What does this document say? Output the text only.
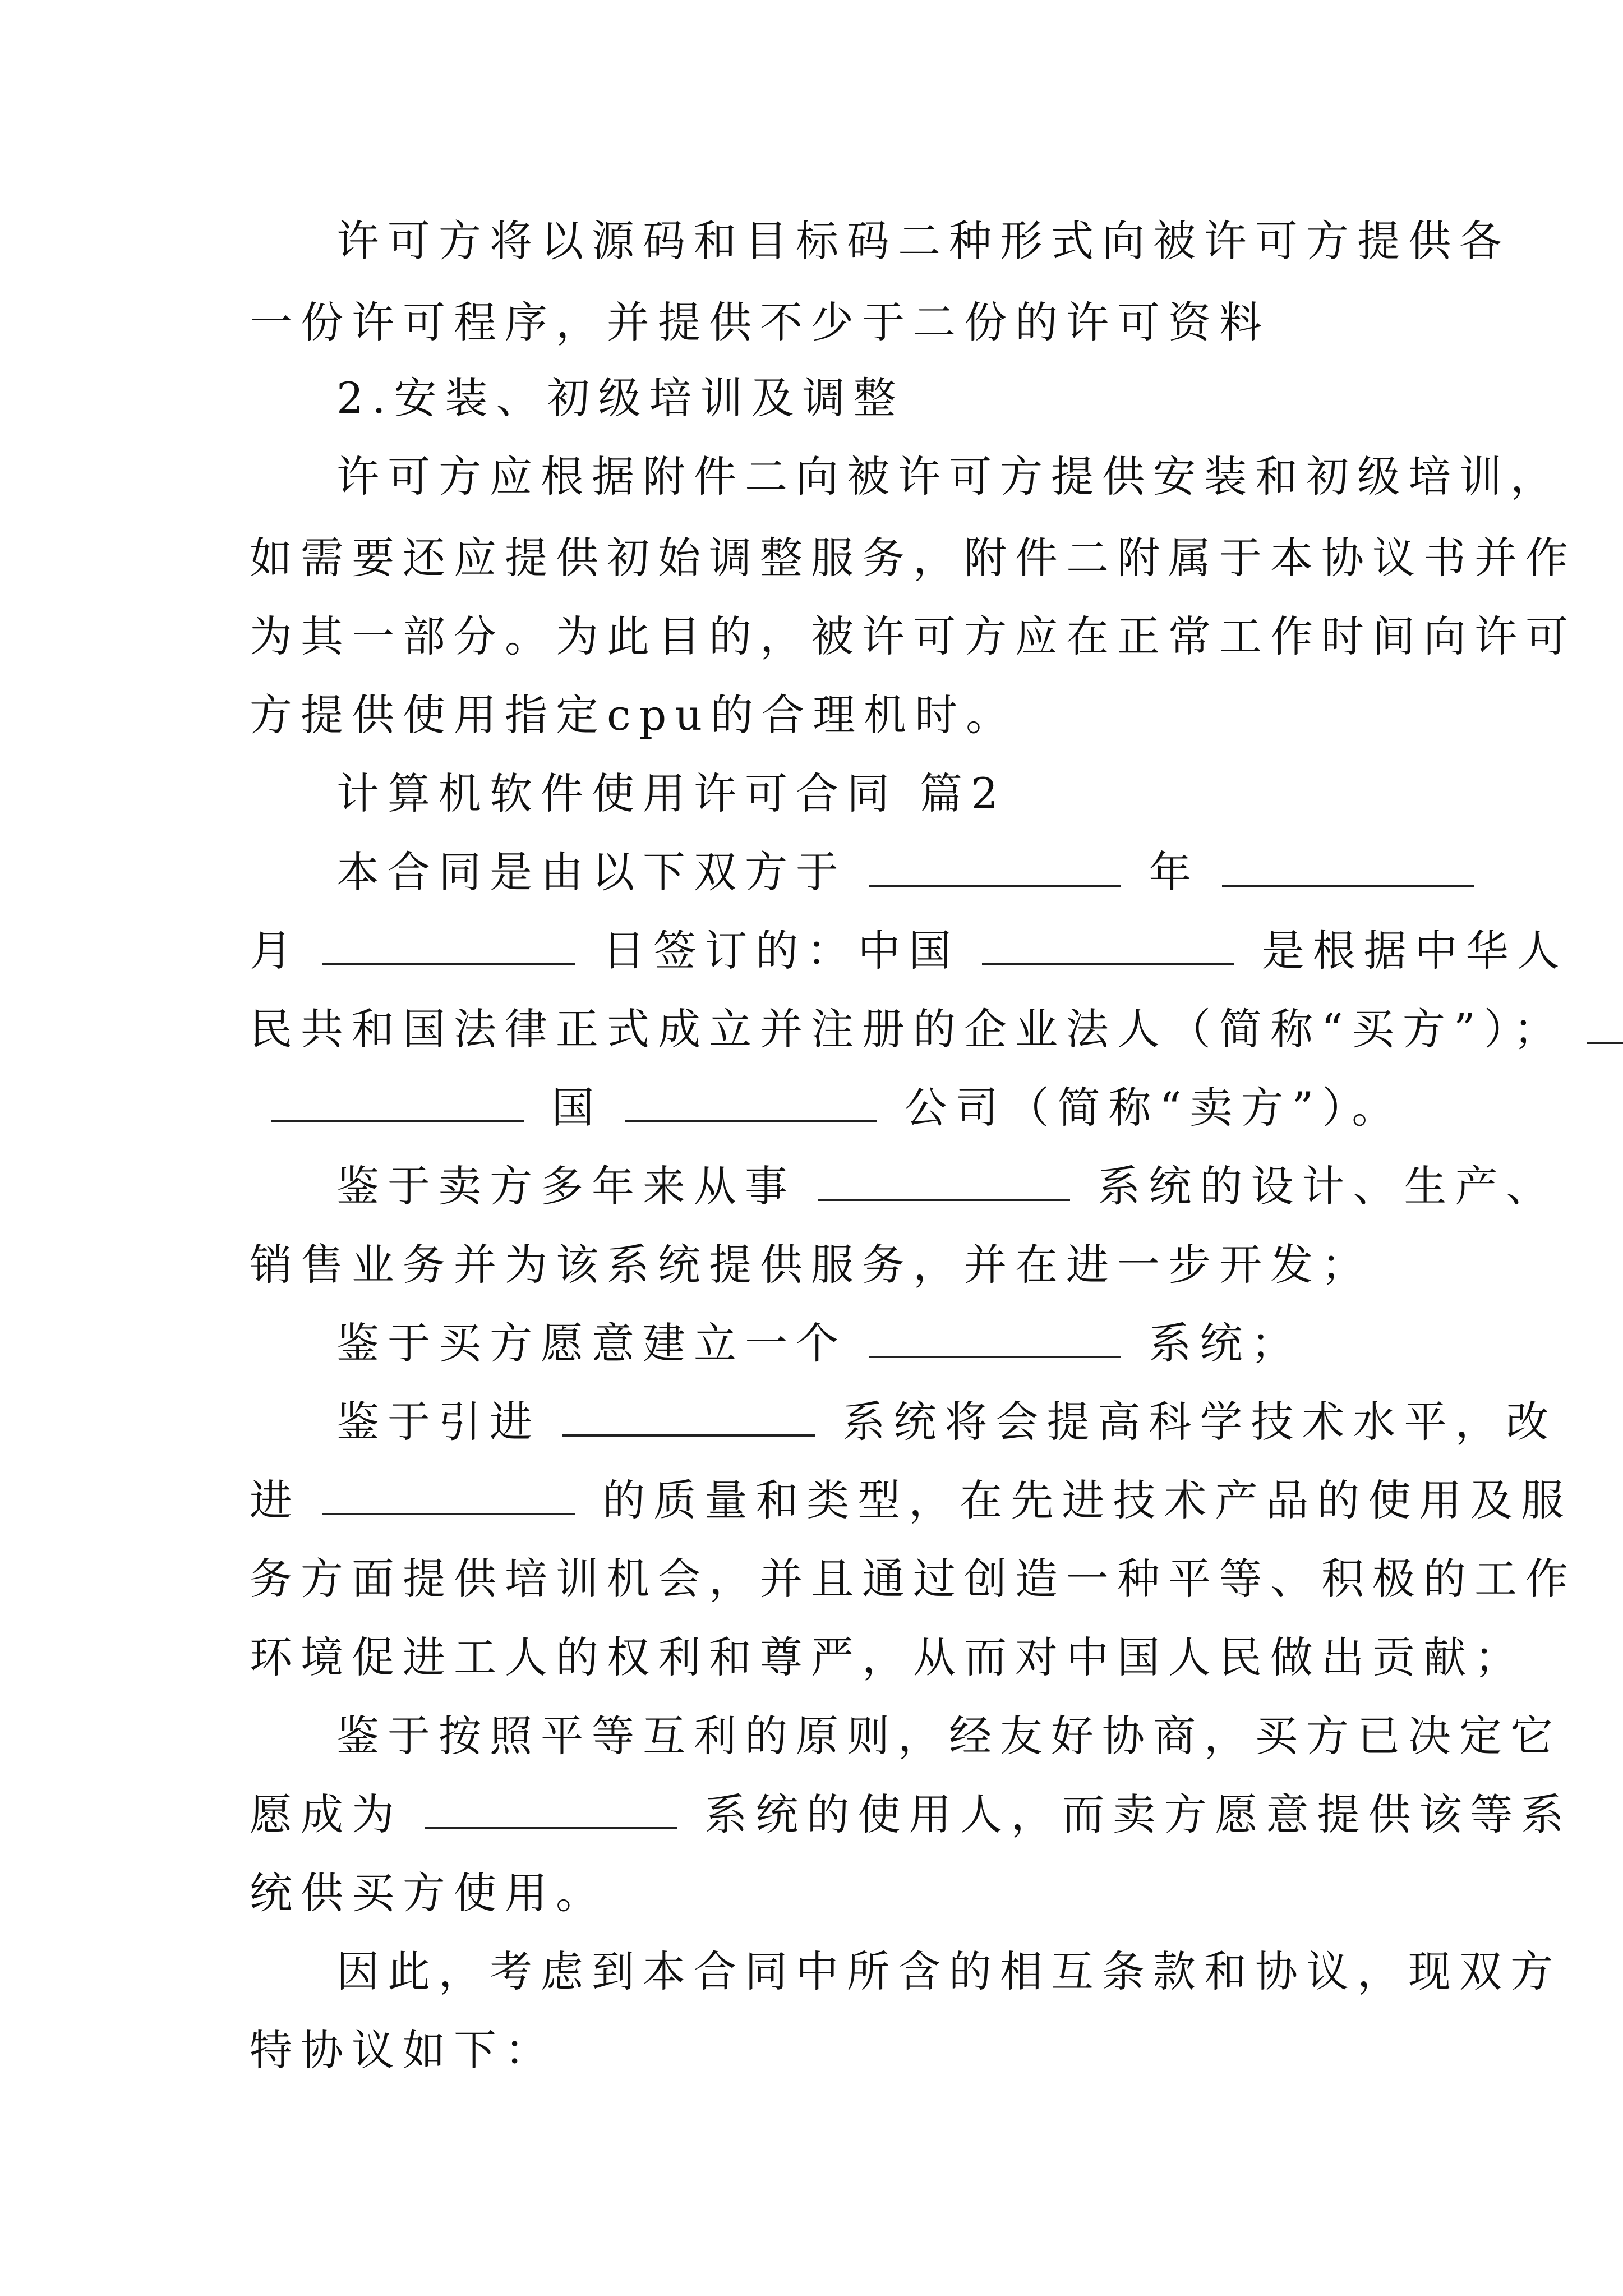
许可方将以源码和目标码二种形式向被许可方提供各
一份许可程序，并提供不少于二份的许可资料
2.安装、初级培训及调整
许可方应根据附件二向被许可方提供安装和初级培训，
如需要还应提供初始调整服务，附件二附属于本协议书并作
为其一部分。为此目的，被许可方应在正常工作时间向许可
方提供使用指定cpu的合理机时。
计算机软件使用许可合同 篇2
本合同是由以下双方于	年
月	日签订的：中国	是根据中华人
民共和国法律正式成立并注册的企业法人（简称“买方”）；
国	公司（简称“卖方”）。
鉴于卖方多年来从事	系统的设计、生产、
销售业务并为该系统提供服务，并在进一步开发；
鉴于买方愿意建立一个	系统；
鉴于引进	系统将会提高科学技术水平，改
进	的质量和类型，在先进技术产品的使用及服
务方面提供培训机会，并且通过创造一种平等、积极的工作
环境促进工人的权利和尊严，从而对中国人民做出贡献；
鉴于按照平等互利的原则，经友好协商，买方已决定它
愿成为	系统的使用人，而卖方愿意提供该等系
统供买方使用。
因此，考虑到本合同中所含的相互条款和协议，现双方
特协议如下：
